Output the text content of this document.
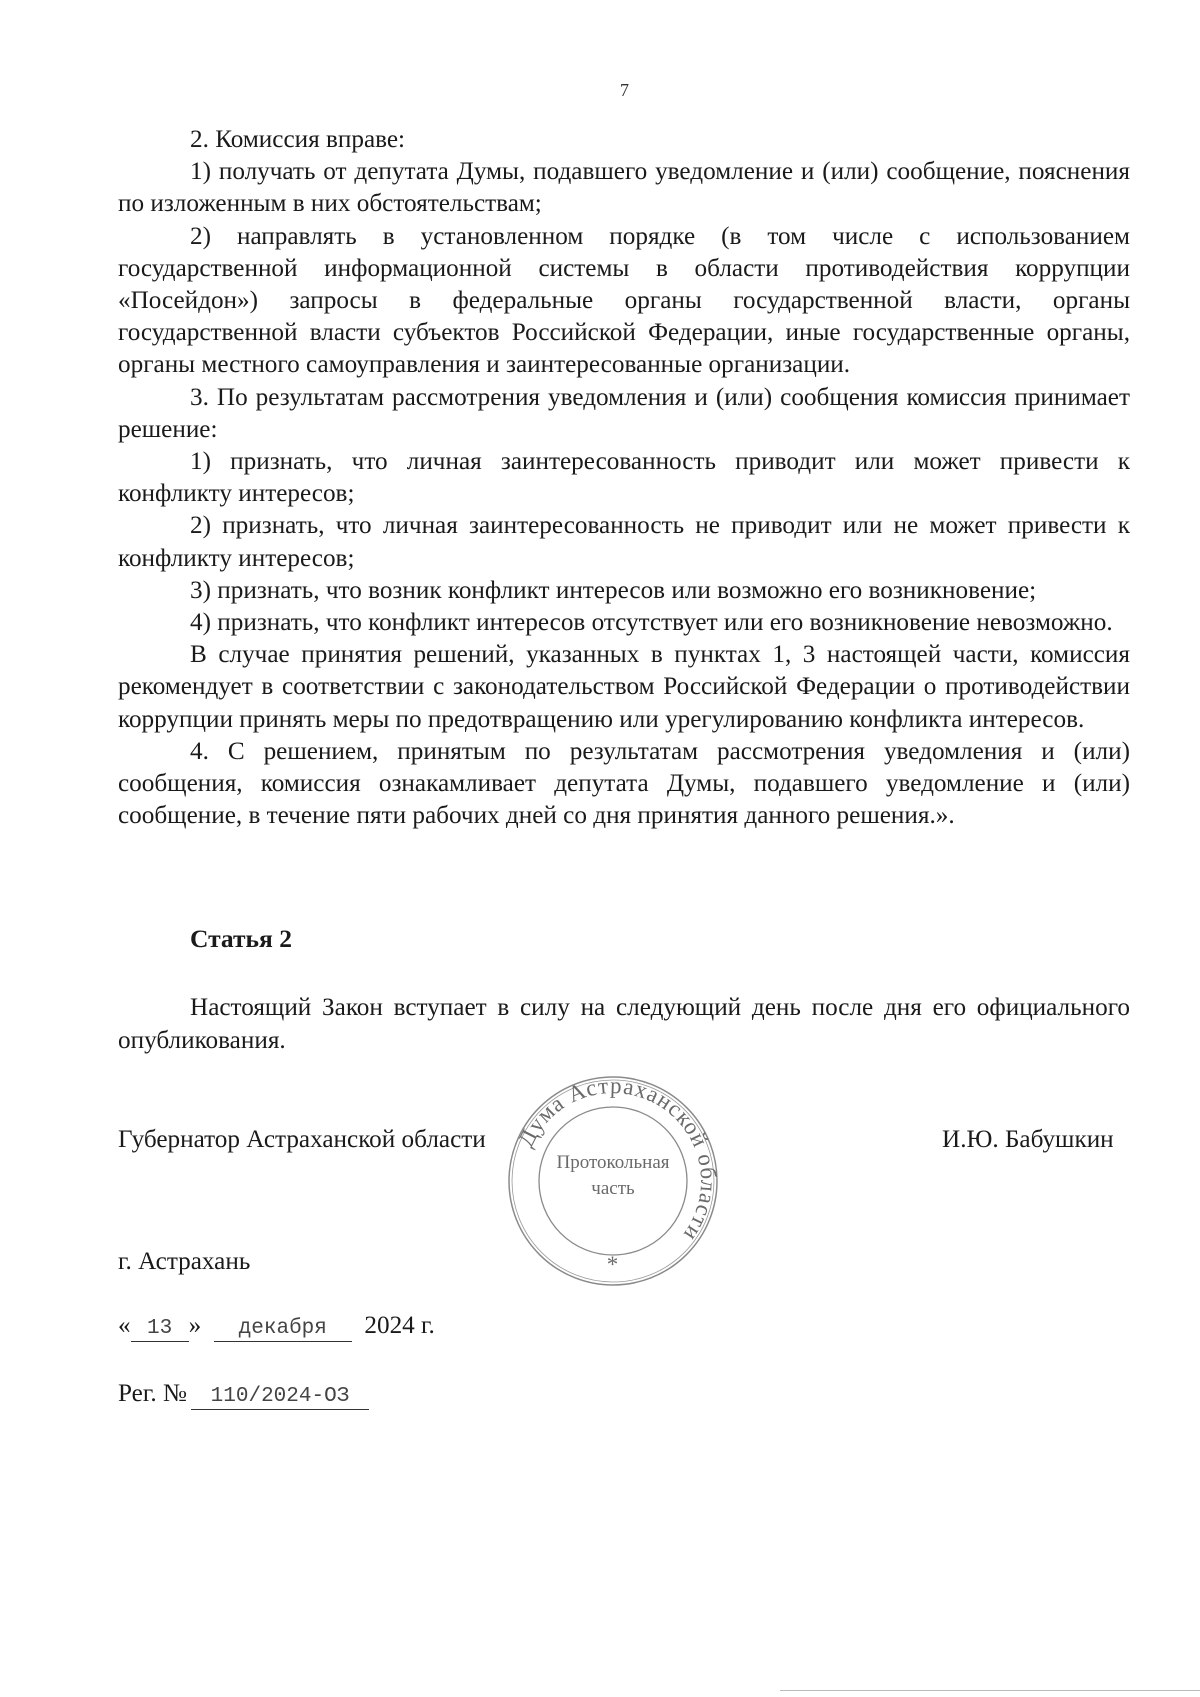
7

2. Комиссия вправе:

1) получать от депутата Думы, подавшего уведомление и (или) сообщение, пояснения по изложенным в них обстоятельствам;

2) направлять в установленном порядке (в том числе с использованием государственной информационной системы в области противодействия коррупции «Посейдон») запросы в федеральные органы государственной власти, органы государственной власти субъектов Российской Федерации, иные государственные органы, органы местного самоуправления и заинтересованные организации.

3. По результатам рассмотрения уведомления и (или) сообщения комиссия принимает решение:

1) признать, что личная заинтересованность приводит или может привести к конфликту интересов;

2) признать, что личная заинтересованность не приводит или не может привести к конфликту интересов;

3) признать, что возник конфликт интересов или возможно его возникновение;

4) признать, что конфликт интересов отсутствует или его возникновение невозможно.

В случае принятия решений, указанных в пунктах 1, 3 настоящей части, комиссия рекомендует в соответствии с законодательством Российской Федерации о противодействии коррупции принять меры по предотвращению или урегулированию конфликта интересов.

4. С решением, принятым по результатам рассмотрения уведомления и (или) сообщения, комиссия ознакамливает депутата Думы, подавшего уведомление и (или) сообщение, в течение пяти рабочих дней со дня принятия данного решения.».

Статья 2

Настоящий Закон вступает в силу на следующий день после дня его официального опубликования.

Губернатор Астраханской области	И.Ю. Бабушкин
Дума Астраханской области
*
Протокольная
часть
г. Астрахань
« 13 » декабря 2024 г.
Рег. № 110/2024-ОЗ
